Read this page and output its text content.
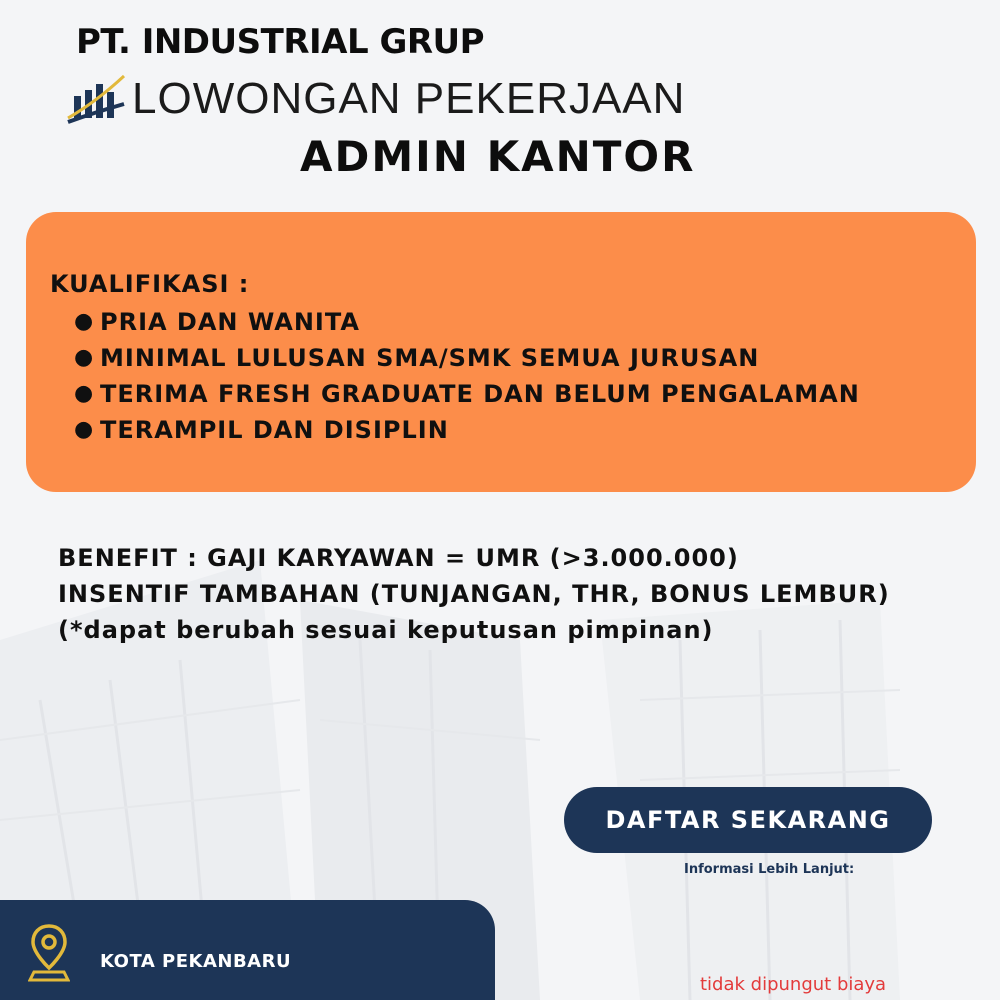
PT. INDUSTRIAL GRUP
LOWONGAN PEKERJAAN
ADMIN KANTOR
KUALIFIKASI :
● PRIA DAN WANITA
● MINIMAL LULUSAN SMA/SMK SEMUA JURUSAN
● TERIMA FRESH GRADUATE DAN BELUM PENGALAMAN
● TERAMPIL DAN DISIPLIN
BENEFIT : GAJI KARYAWAN = UMR (>3.000.000)
INSENTIF TAMBAHAN (TUNJANGAN, THR, BONUS LEMBUR)
(*dapat berubah sesuai keputusan pimpinan)
DAFTAR SEKARANG
Informasi Lebih Lanjut:
KOTA PEKANBARU
tidak dipungut biaya
